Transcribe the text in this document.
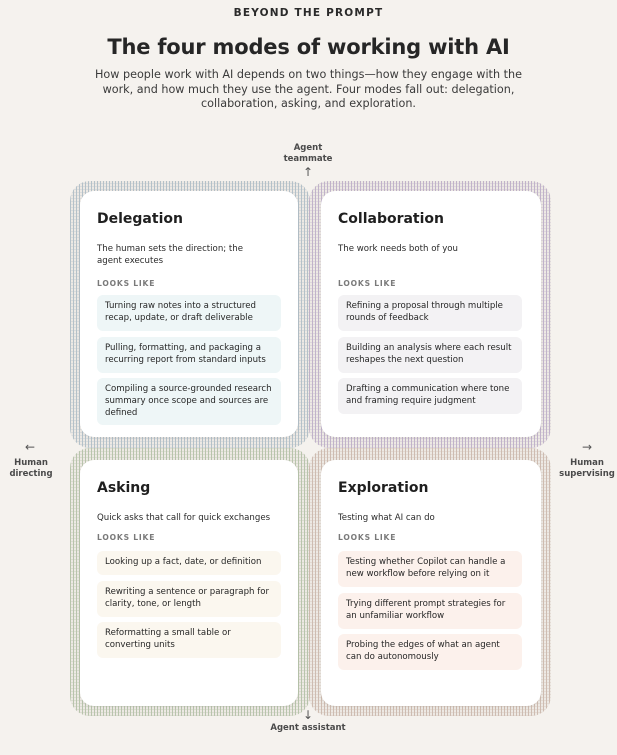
BEYOND THE PROMPT
The four modes of working with AI
How people work with AI depends on two things—how they engage with the work, and how much they use the agent. Four modes fall out: delegation, collaboration, asking, and exploration.
Agent teammate
↑
←
Human directing
→
Human supervising
↓
Agent assistant
Delegation
The human sets the direction; the agent executes
LOOKS LIKE
Turning raw notes into a structured recap, update, or draft deliverable
Pulling, formatting, and packaging a recurring report from standard inputs
Compiling a source-grounded research summary once scope and sources are defined
Collaboration
The work needs both of you
LOOKS LIKE
Refining a proposal through multiple rounds of feedback
Building an analysis where each result reshapes the next question
Drafting a communication where tone and framing require judgment
Asking
Quick asks that call for quick exchanges
LOOKS LIKE
Looking up a fact, date, or definition
Rewriting a sentence or paragraph for clarity, tone, or length
Reformatting a small table or converting units
Exploration
Testing what AI can do
LOOKS LIKE
Testing whether Copilot can handle a new workflow before relying on it
Trying different prompt strategies for an unfamiliar workflow
Probing the edges of what an agent can do autonomously
